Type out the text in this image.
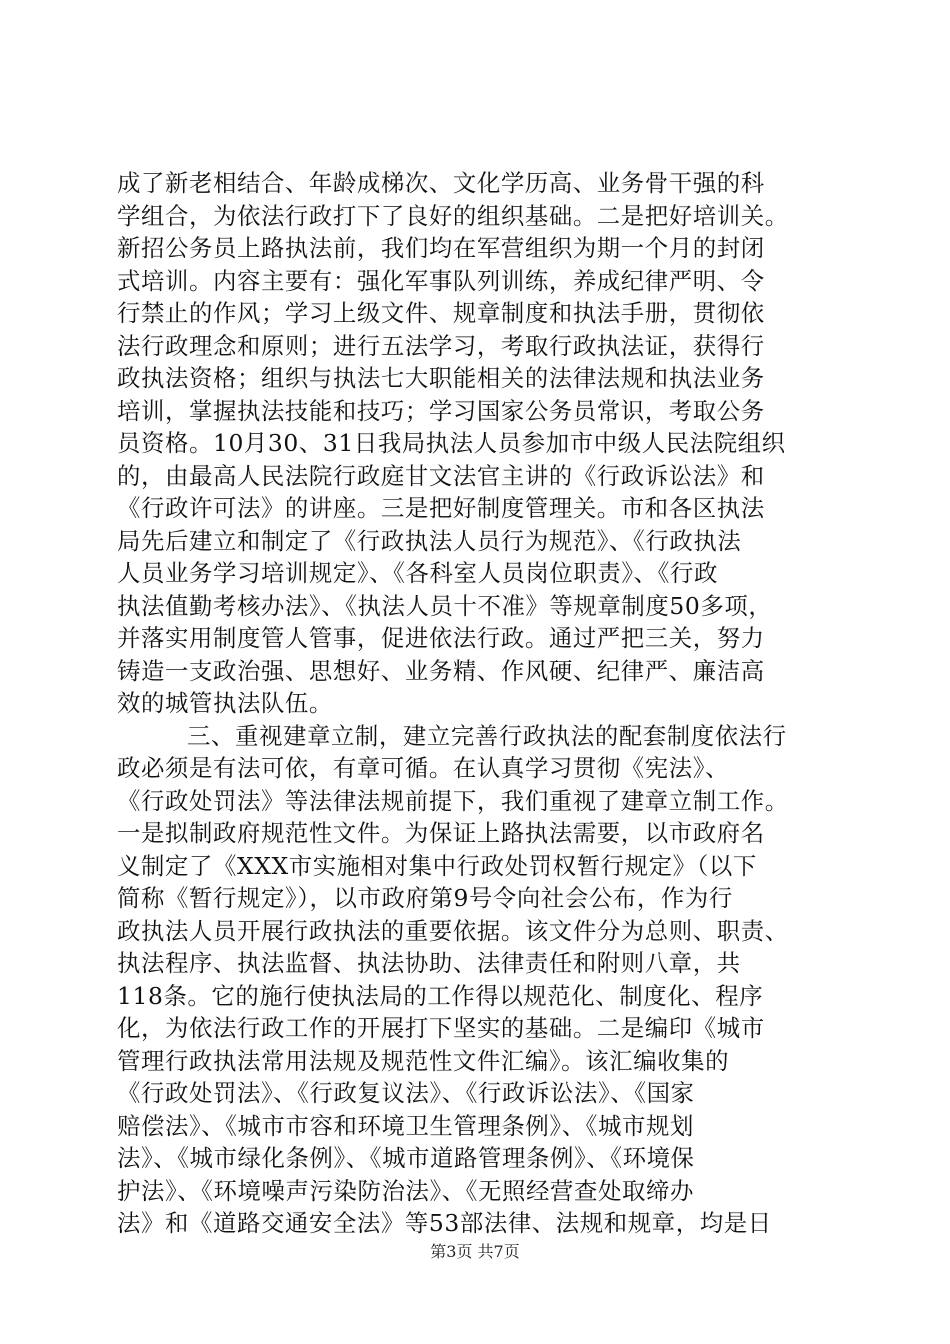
成了新老相结合、年龄成梯次、文化学历高、业务骨干强的科
学组合，为依法行政打下了良好的组织基础。二是把好培训关。
新招公务员上路执法前，我们均在军营组织为期一个月的封闭
式培训。内容主要有：强化军事队列训练，养成纪律严明、令
行禁止的作风；学习上级文件、规章制度和执法手册，贯彻依
法行政理念和原则；进行五法学习，考取行政执法证，获得行
政执法资格；组织与执法七大职能相关的法律法规和执法业务
培训，掌握执法技能和技巧；学习国家公务员常识，考取公务
员资格。10月30、31日我局执法人员参加市中级人民法院组织
的，由最高人民法院行政庭甘文法官主讲的《行政诉讼法》和
《行政许可法》的讲座。三是把好制度管理关。市和各区执法
局先后建立和制定了《行政执法人员行为规范》、《行政执法
人员业务学习培训规定》、《各科室人员岗位职责》、《行政
执法值勤考核办法》、《执法人员十不准》等规章制度50多项，
并落实用制度管人管事，促进依法行政。通过严把三关，努力
铸造一支政治强、思想好、业务精、作风硬、纪律严、廉洁高
效的城管执法队伍。
三、重视建章立制，建立完善行政执法的配套制度依法行
政必须是有法可依，有章可循。在认真学习贯彻《宪法》、
《行政处罚法》等法律法规前提下，我们重视了建章立制工作。
一是拟制政府规范性文件。为保证上路执法需要，以市政府名
义制定了《XXX市实施相对集中行政处罚权暂行规定》（以下
简称《暂行规定》），以市政府第9号令向社会公布，作为行
政执法人员开展行政执法的重要依据。该文件分为总则、职责、
执法程序、执法监督、执法协助、法律责任和附则八章，共
118条。它的施行使执法局的工作得以规范化、制度化、程序
化，为依法行政工作的开展打下坚实的基础。二是编印《城市
管理行政执法常用法规及规范性文件汇编》。该汇编收集的
《行政处罚法》、《行政复议法》、《行政诉讼法》、《国家
赔偿法》、《城市市容和环境卫生管理条例》、《城市规划
法》、《城市绿化条例》、《城市道路管理条例》、《环境保
护法》、《环境噪声污染防治法》、《无照经营查处取缔办
法》和《道路交通安全法》等53部法律、法规和规章，均是日
第3页 共7页
